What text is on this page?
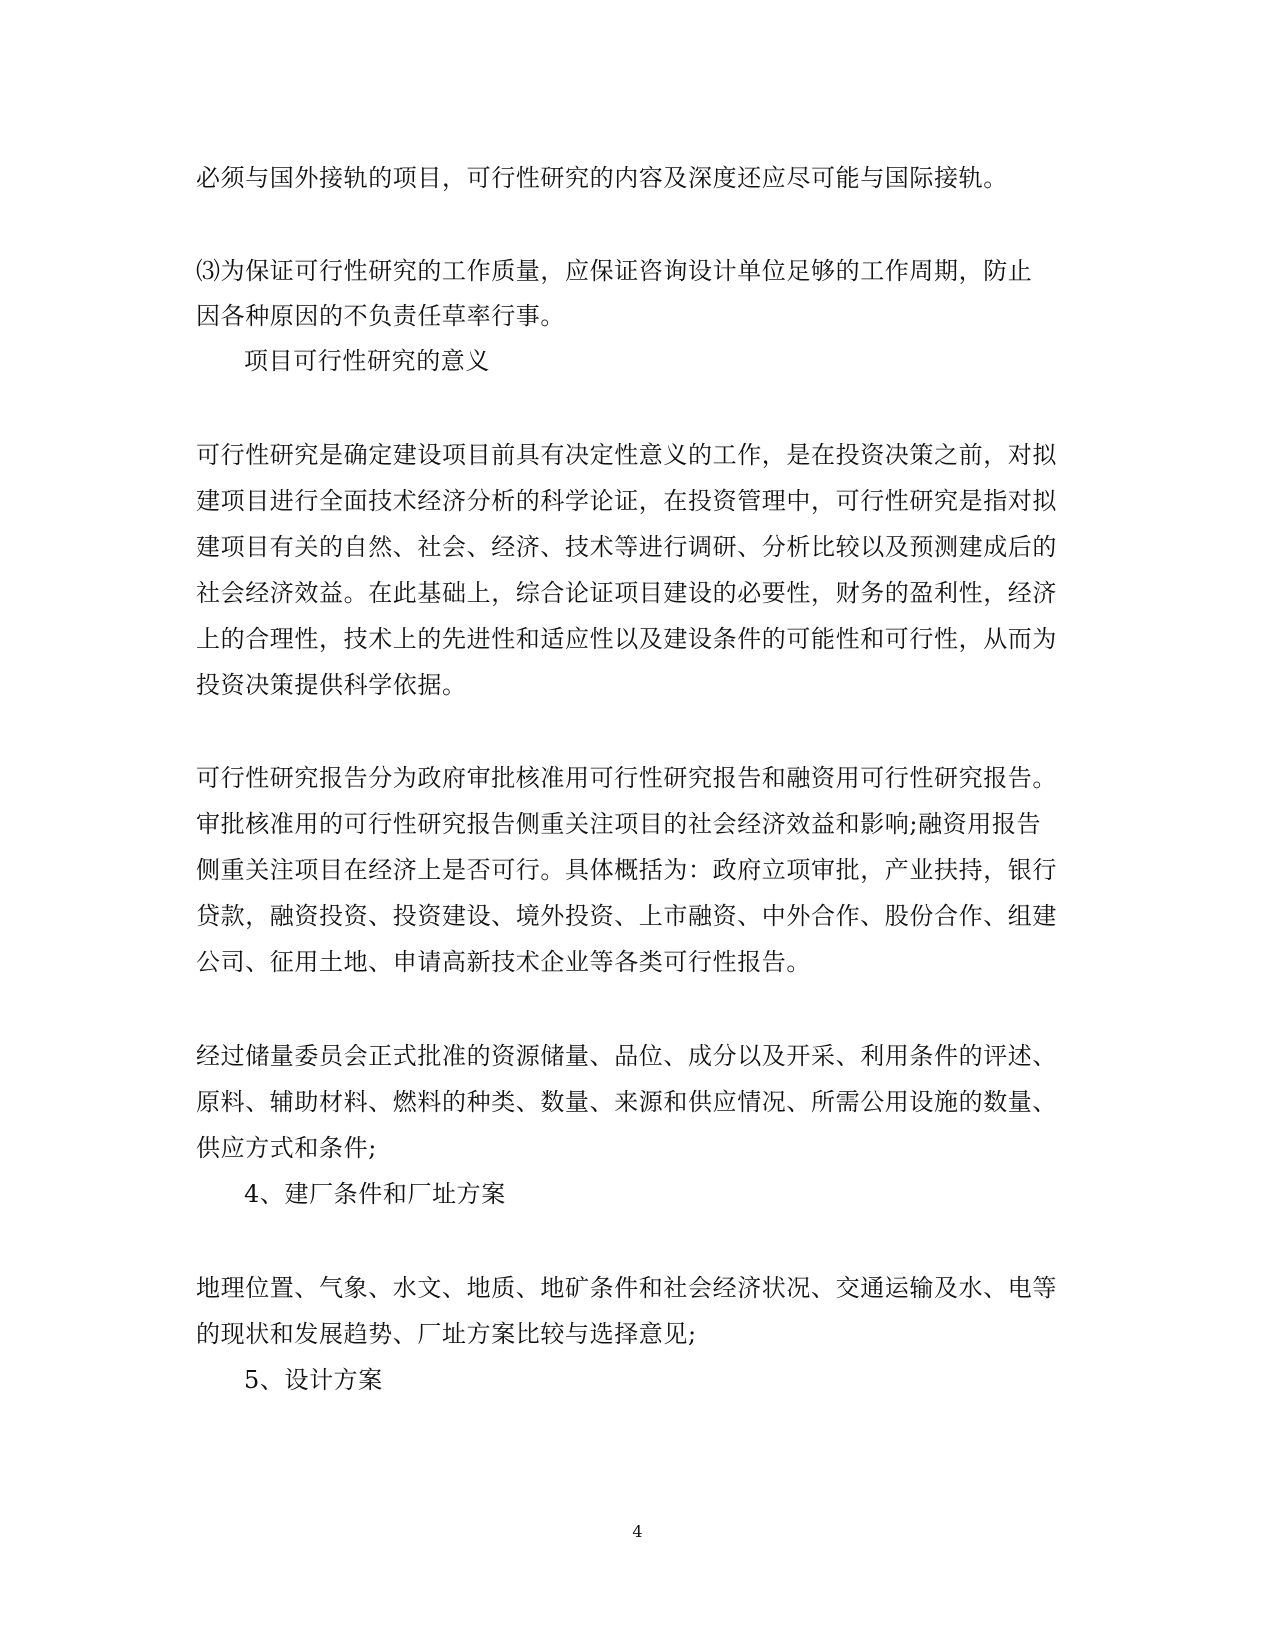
必须与国外接轨的项目，可行性研究的内容及深度还应尽可能与国际接轨。
⑶为保证可行性研究的工作质量，应保证咨询设计单位足够的工作周期，防止
因各种原因的不负责任草率行事。
项目可行性研究的意义
可行性研究是确定建设项目前具有决定性意义的工作，是在投资决策之前，对拟
建项目进行全面技术经济分析的科学论证，在投资管理中，可行性研究是指对拟
建项目有关的自然、社会、经济、技术等进行调研、分析比较以及预测建成后的
社会经济效益。在此基础上，综合论证项目建设的必要性，财务的盈利性，经济
上的合理性，技术上的先进性和适应性以及建设条件的可能性和可行性，从而为
投资决策提供科学依据。
可行性研究报告分为政府审批核准用可行性研究报告和融资用可行性研究报告。
审批核准用的可行性研究报告侧重关注项目的社会经济效益和影响;融资用报告
侧重关注项目在经济上是否可行。具体概括为：政府立项审批，产业扶持，银行
贷款，融资投资、投资建设、境外投资、上市融资、中外合作、股份合作、组建
公司、征用土地、申请高新技术企业等各类可行性报告。
经过储量委员会正式批准的资源储量、品位、成分以及开采、利用条件的评述、
原料、辅助材料、燃料的种类、数量、来源和供应情况、所需公用设施的数量、
供应方式和条件;
4、建厂条件和厂址方案
地理位置、气象、水文、地质、地矿条件和社会经济状况、交通运输及水、电等
的现状和发展趋势、厂址方案比较与选择意见;
5、设计方案
4
